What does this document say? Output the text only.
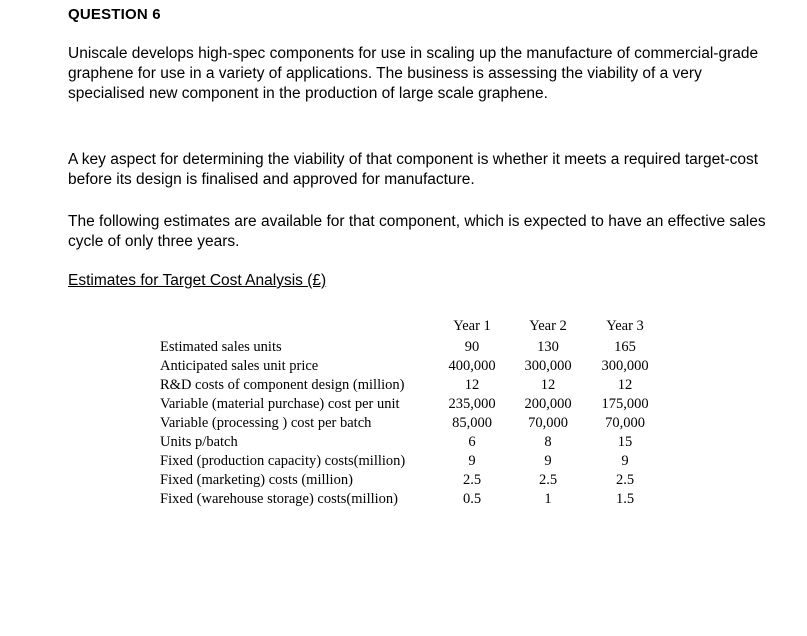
QUESTION 6

Uniscale develops high-spec components for use in scaling up the manufacture of commercial-grade graphene for use in a variety of applications. The business is assessing the viability of a very specialised new component in the production of large scale graphene.

A key aspect for determining the viability of that component is whether it meets a required target-cost before its design is finalised and approved for manufacture.

The following estimates are available for that component, which is expected to have an effective sales cycle of only three years.

Estimates for Target Cost Analysis (£)
	Year 1	Year 2	Year 3
Estimated sales units	90	130	165
Anticipated sales unit price	400,000	300,000	300,000
R&D costs of component design (million)	12	12	12
Variable (material purchase) cost per unit	235,000	200,000	175,000
Variable (processing ) cost per batch	85,000	70,000	70,000
Units p/batch	6	8	15
Fixed (production capacity) costs(million)	9	9	9
Fixed (marketing) costs (million)	2.5	2.5	2.5
Fixed (warehouse storage) costs(million)	0.5	1	1.5
